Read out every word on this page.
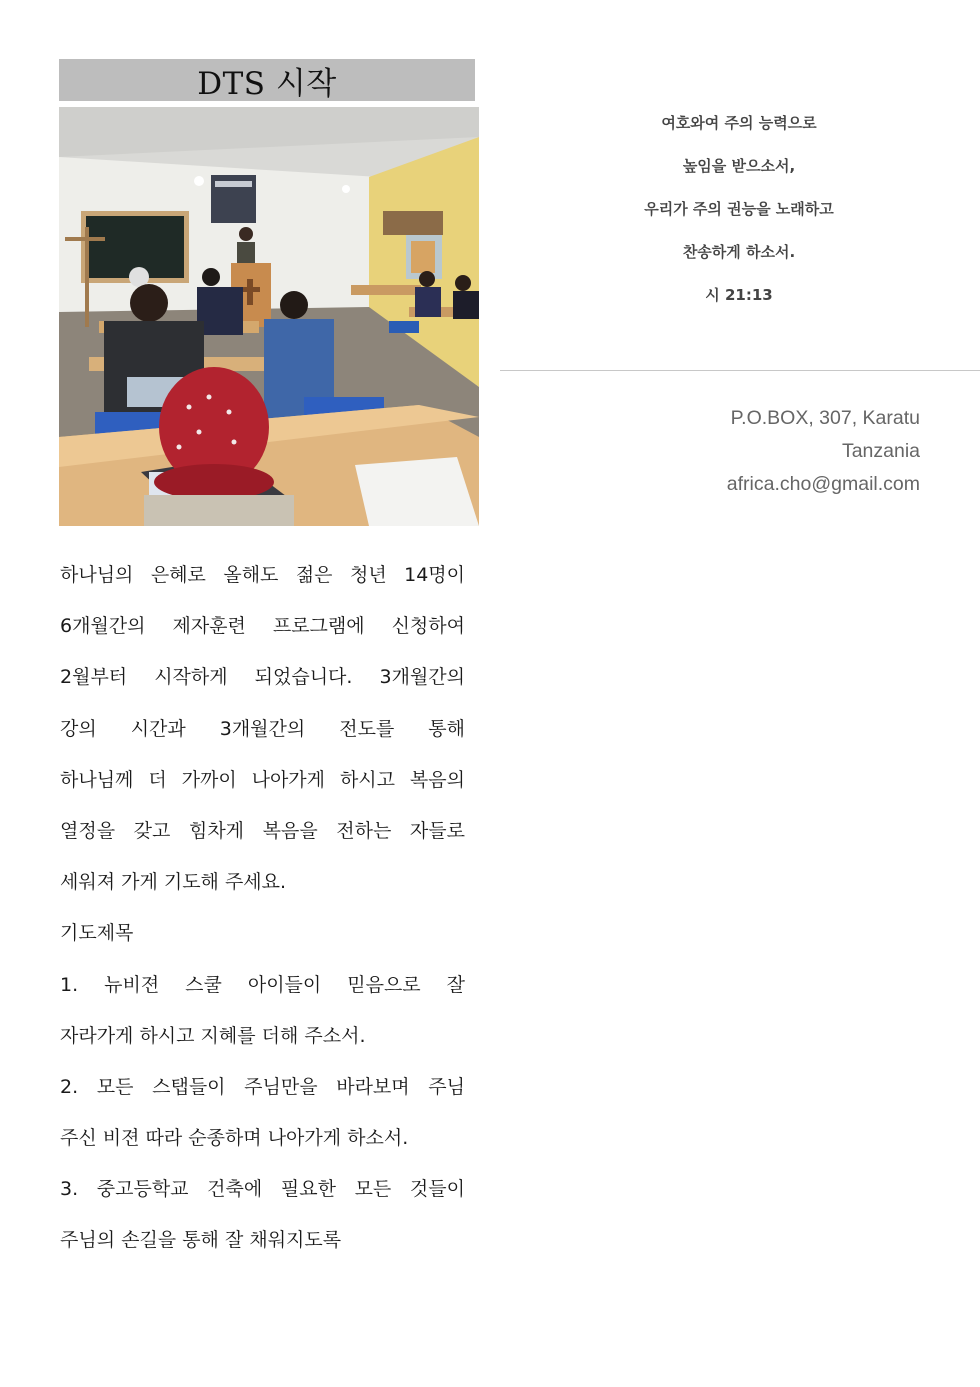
DTS 시작
여호와여 주의 능력으로
높임을 받으소서,
우리가 주의 권능을 노래하고
찬송하게 하소서.
시 21:13
P.O.BOX, 307, Karatu
Tanzania
africa.cho@gmail.com
하나님의 은혜로 올해도 젊은 청년 14명이
6개월간의 제자훈련 프로그램에 신청하여
2월부터 시작하게 되었습니다. 3개월간의
강의 시간과 3개월간의 전도를 통해
하나님께 더 가까이 나아가게 하시고 복음의
열정을 갖고 힘차게 복음을 전하는 자들로
세워져 가게 기도해 주세요.
기도제목
1. 뉴비젼 스쿨 아이들이 믿음으로 잘
자라가게 하시고 지혜를 더해 주소서.
2. 모든 스탭들이 주님만을 바라보며 주님
주신 비젼 따라 순종하며 나아가게 하소서.
3. 중고등학교 건축에 필요한 모든 것들이
주님의 손길을 통해 잘 채워지도록
